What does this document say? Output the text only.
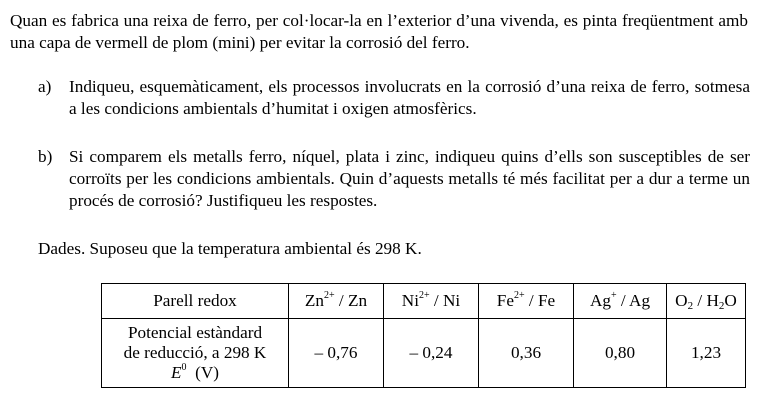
Quan es fabrica una reixa de ferro, per col·locar-la en l’exterior d’una vivenda, es pinta freqüentment amb una capa de vermell de plom (mini) per evitar la corrosió del ferro.

a)	Indiqueu, esquemàticament, els processos involucrats en la corrosió d’una reixa de ferro, sotmesa a les condicions ambientals d’humitat i oxigen atmosfèrics.
b) Si comparem els metalls ferro, níquel, plata i zinc, indiqueu quins d’ells son susceptibles de ser corroïts per les condicions ambientals. Quin d’aquests metalls té més facilitat per a dur a terme un procés de corrosió? Justifiqueu les respostes.

Dades. Suposeu que la temperatura ambiental és 298 K.

Parell redox	$Zn^{2+}$ / Zn	$Ni^{2+}$ / Ni	$Fe^{2+}$ / Fe	Ag+ / Ag	$O_2 / H_2O$
Potencial estàndard
de reducció, a 298 K
$E^0$ (V)	– 0,76	– 0,24	0,36	0,80	1,23
